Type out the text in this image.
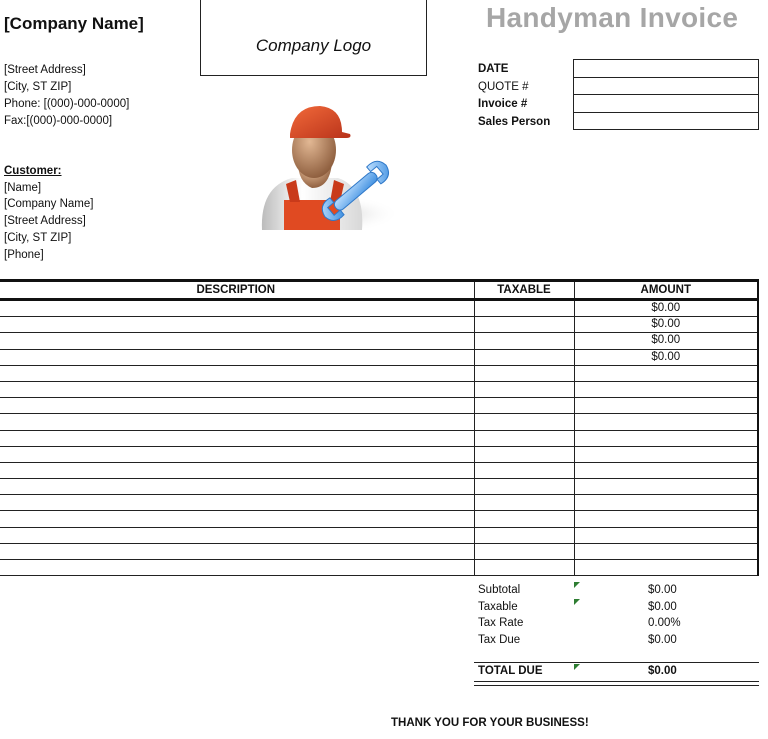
[Company Name]
[Street Address]
[City, ST ZIP]
Phone: [(000)-000-0000]
Fax:[(000)-000-0000]
Company Logo
Handyman Invoice
DATE
QUOTE #
Invoice #
Sales Person
Customer:
[Name]
[Company Name]
[Street Address]
[City, ST ZIP]
[Phone]
DESCRIPTION	TAXABLE	AMOUNT
		$0.00
		$0.00
		$0.00
		$0.00

Subtotal	$0.00
Taxable	$0.00
Tax Rate	0.00%
Tax Due	$0.00
TOTAL DUE	$0.00
THANK YOU FOR YOUR BUSINESS!
